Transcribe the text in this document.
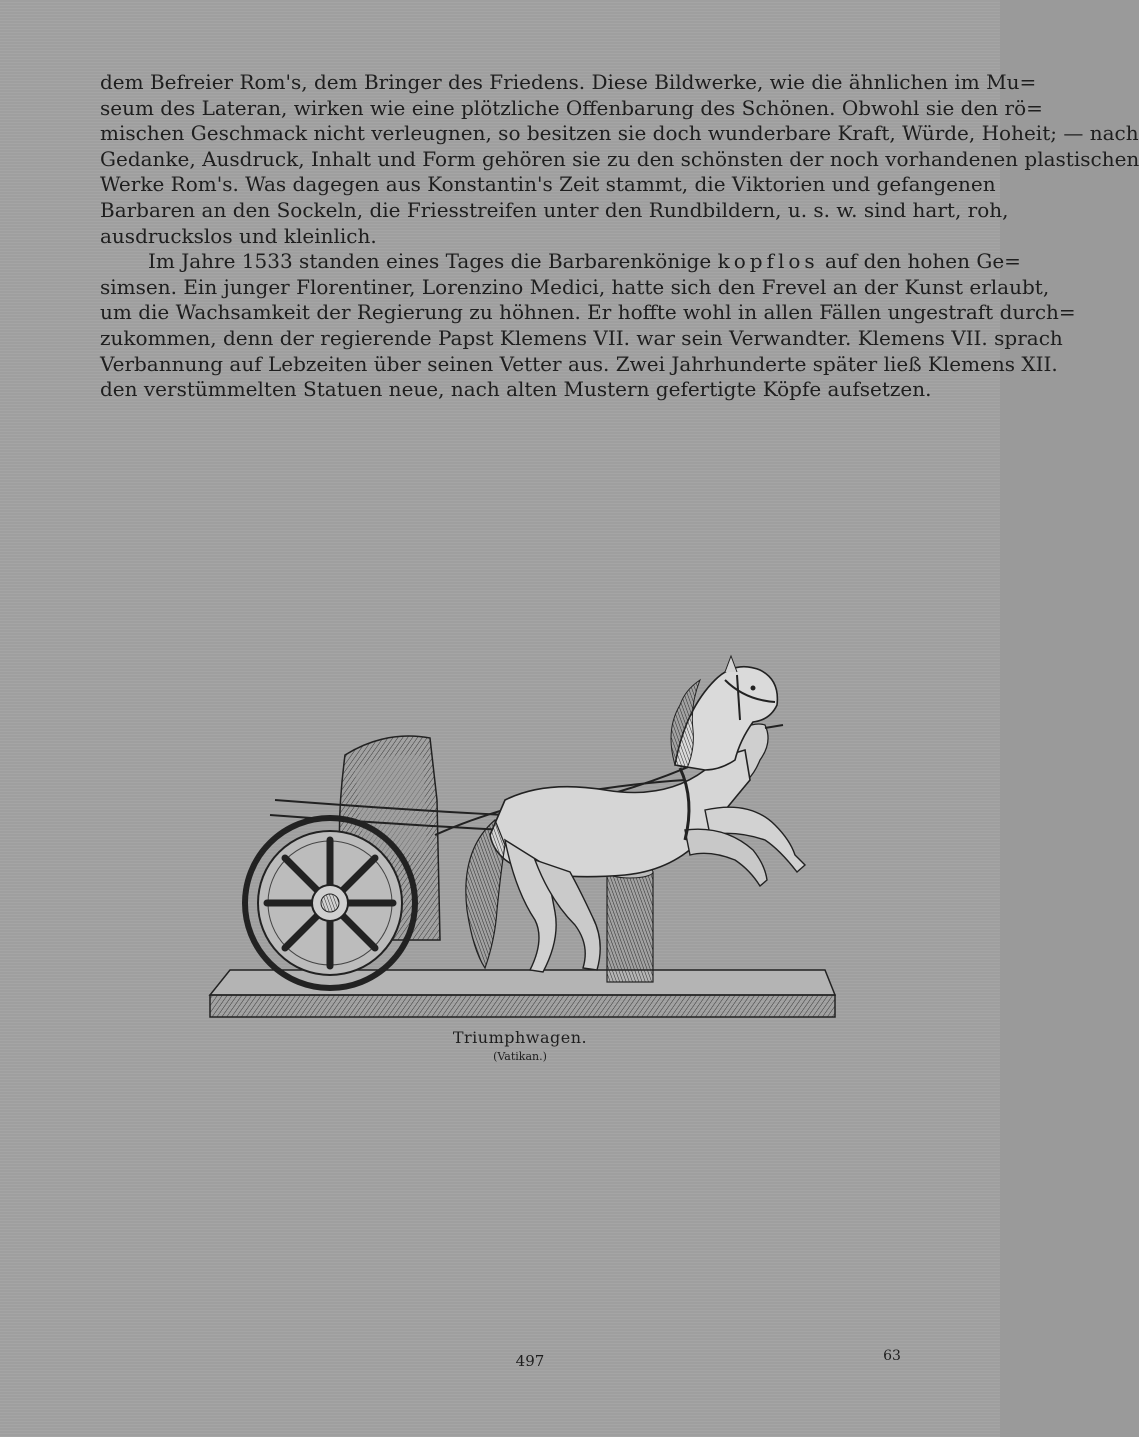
dem Befreier Rom's, dem Bringer des Friedens. Diese Bildwerke, wie die ähnlichen im Mu=
seum des Lateran, wirken wie eine plötzliche Offenbarung des Schönen. Obwohl sie den rö=
mischen Geschmack nicht verleugnen, so besitzen sie doch wunderbare Kraft, Würde, Hoheit; — nach
Gedanke, Ausdruck, Inhalt und Form gehören sie zu den schönsten der noch vorhandenen plastischen
Werke Rom's. Was dagegen aus Konstantin's Zeit stammt, die Viktorien und gefangenen
Barbaren an den Sockeln, die Friesstreifen unter den Rundbildern, u. s. w. sind hart, roh,
ausdruckslos und kleinlich.

Im Jahre 1533 standen eines Tages die Barbarenkönige kopflos auf den hohen Ge=
simsen. Ein junger Florentiner, Lorenzino Medici, hatte sich den Frevel an der Kunst erlaubt,
um die Wachsamkeit der Regierung zu höhnen. Er hoffte wohl in allen Fällen ungestraft durch=
zukommen, denn der regierende Papst Klemens VII. war sein Verwandter. Klemens VII. sprach
Verbannung auf Lebzeiten über seinen Vetter aus. Zwei Jahrhunderte später ließ Klemens XII.
den verstümmelten Statuen neue, nach alten Mustern gefertigte Köpfe aufsetzen.

Triumphwagen.
(Vatikan.)
497	63
